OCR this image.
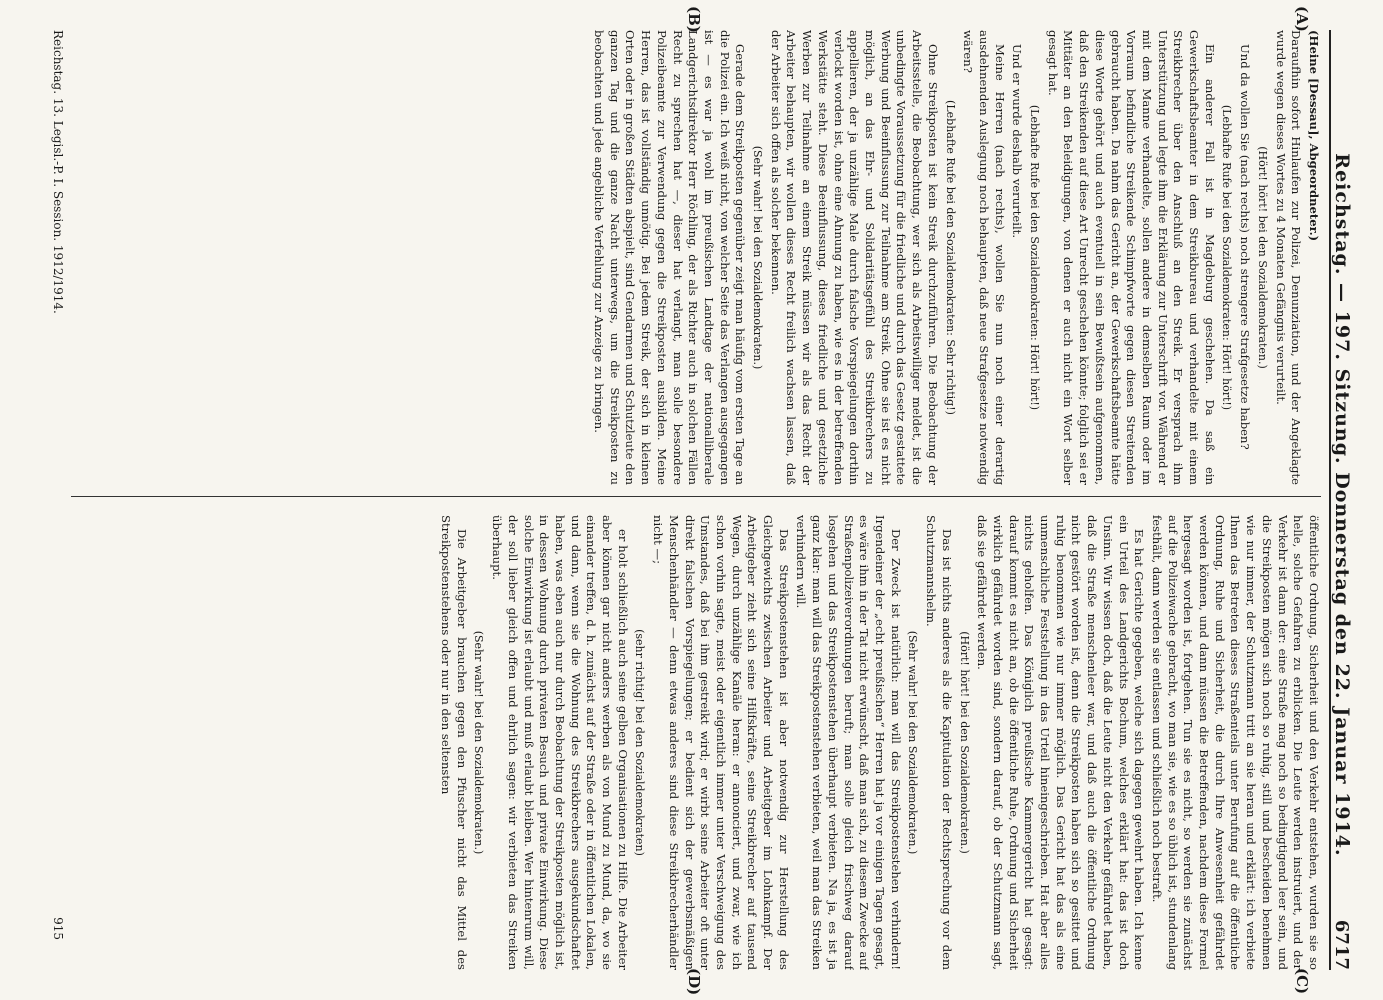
Reichstag. — 197. Sitzung. Donnerstag den 22. Januar 1914.
6717
(A)
(B)
(C)
(D)

(Heine [Dessau], Abgeordneter.)

Daraufhin sofort Hinlaufen zur Polizei, Denunziation, und der Angeklagte wurde wegen dieses Wortes zu 4 Monaten Gefängnis verurteilt.

(Hört! hört! bei den Sozialdemokraten.)

Und da wollen Sie (nach rechts) noch strengere Strafgesetze haben?

(Lebhafte Rufe bei den Sozialdemokraten: Hört! hört!)

Ein anderer Fall ist in Magdeburg geschehen. Da saß ein Gewerkschaftsbeamter in dem Streikbureau und verhandelte mit einem Streikbrecher über den Anschluß an den Streik. Er versprach ihm Unterstützung und legte ihm die Erklärung zur Unterschrift vor. Während er mit dem Manne verhandelte, sollen andere in demselben Raum oder im Vorraum befindliche Streikende Schimpfworte gegen diesen Streitenden gebraucht haben. Da nahm das Gericht an, der Gewerkschaftsbeamte hätte diese Worte gehört und auch eventuell in sein Bewußtsein aufgenommen, daß den Streikenden auf diese Art Unrecht geschehen könnte; folglich sei er Mittäter an den Beleidigungen, von denen er auch nicht ein Wort selber gesagt hat.

(Lebhafte Rufe bei den Sozialdemokraten: Hört! hört!)

Und er wurde deshalb verurteilt.

Meine Herren (nach rechts), wollen Sie nun noch einer derartig ausdehnenden Auslegung noch behaupten, daß neue Strafgesetze notwendig wären?

(Lebhafte Rufe bei den Sozialdemokraten: Sehr richtig!)

Ohne Streikposten ist kein Streik durchzuführen. Die Beobachtung der Arbeitsstelle, die Beobachtung, wer sich als Arbeitswilliger meldet, ist die unbedingte Voraussetzung für die friedliche und durch das Gesetz gestattete Werbung und Beeinflussung zur Teilnahme am Streik. Ohne sie ist es nicht möglich, an das Ehr- und Solidaritätsgefühl des Streikbrechers zu appellieren, der ja unzählige Male durch falsche Vorspiegelungen dorthin verlockt worden ist, ohne eine Ahnung zu haben, wie es in der betreffenden Werkstätte steht. Diese Beeinflussung, dieses friedliche und gesetzliche Werben zur Teilnahme an einem Streik müssen wir als das Recht der Arbeiter behaupten, wir wollen dieses Recht freilich wachsen lassen, daß der Arbeiter sich offen als solcher bekennen.

(Sehr wahr! bei den Sozialdemokraten.)

Gerade dem Streikposten gegenüber zeigt man häufig vom ersten Tage an die Polizei ein. Ich weiß nicht, von welcher Seite das Verlangen ausgegangen ist — es war ja wohl im preußischen Landtage der nationalliberale Landgerichtsdirektor Herr Röchling, der als Richter auch in solchen Fällen Recht zu sprechen hat —, dieser hat verlangt, man solle besondere Polizeibeamte zur Verwendung gegen die Streikposten ausbilden. Meine Herren, das ist vollständig unnötig. Bei jedem Streik, der sich in kleinen Orten oder in großen Städten abspielt, sind Gendarmen und Schutzleute den ganzen Tag und die ganze Nacht unterwegs, um die Streikposten zu beobachten und jede angebliche Verfehlung zur Anzeige zu bringen.

öffentliche Ordnung, Sicherheit und den Verkehr entstehen, wurden sie so helle, solche Gefahren zu erblicken. Die Leute werden instruiert, und der Verkehr ist dann der: eine Straße mag noch so bedingtigend leer sein, und die Streikposten mögen sich noch so ruhig, still und bescheiden benehmen wie nur immer, der Schutzmann tritt an sie heran und erklärt: ich verbiete Ihnen das Betreten dieses Straßenteils unter Berufung auf die öffentliche Ordnung, Ruhe und Sicherheit, die durch Ihre Anwesenheit gefährdet werden können, und dann müssen die Betreffenden, nachdem diese Formel hergesagt worden ist, fortgehen. Tun sie es nicht, so werden sie zunächst auf die Polizeiwache gebracht, wo man sie, wie es so üblich ist, stundenlang festhält, dann werden sie entlassen und schließlich noch bestraft.

Es hat Gerichte gegeben, welche sich dagegen gewehrt haben. Ich kenne ein Urteil des Landgerichts Bochum, welches erklärt hat: das ist doch Unsinn. Wir wissen doch, daß die Leute nicht den Verkehr gefährdet haben, daß die Straße menschenleer war, und daß auch die öffentliche Ordnung nicht gestört worden ist, denn die Streikposten haben sich so gesittet und ruhig benommen wie nur immer möglich. Das Gericht hat das als eine unmenschliche Feststellung in das Urteil hineingeschrieben. Hat aber alles nichts geholfen. Das Königlich preußische Kammergericht hat gesagt: darauf kommt es nicht an, ob die öffentliche Ruhe, Ordnung und Sicherheit wirklich gefährdet worden sind, sondern darauf, ob der Schutzmann sagt, daß sie gefährdet werden.

(Hört! hört! bei den Sozialdemokraten.)

Das ist nichts anderes als die Kapitulation der Rechtsprechung vor dem Schutzmannshelm.

(Sehr wahr! bei den Sozialdemokraten.)

Der Zweck ist natürlich: man will das Streikpostenstehen verhindern! Irgendeiner der „echt preußischen“ Herren hat ja vor einigen Tagen gesagt, es wäre ihm in der Tat nicht erwünscht, daß man sich, zu diesem Zwecke auf Straßenpolizeiverordnungen beruft; man solle gleich frischweg darauf losgehen und das Streikpostenstehen überhaupt verbieten. Na ja, es ist ja ganz klar: man will das Streikpostenstehen verbieten, weil man das Streiken verhindern will.

Das Streikpostenstehen ist aber notwendig zur Herstellung des Gleichgewichts zwischen Arbeiter und Arbeitgeber im Lohnkampf. Der Arbeitgeber zieht sich seine Hilfskräfte, seine Streikbrecher auf tausend Wegen, durch unzählige Kanäle heran: er annonciert, und zwar, wie ich schon vorhin sagte, meist oder eigentlich immer unter Verschweigung des Umstandes, daß bei ihm gestreikt wird; er wirbt seine Arbeiter oft unter direkt falschen Vorspiegelungen; er bedient sich der gewerbsmäßigen Menschenhändler — denn etwas anderes sind diese Streikbrecherhändler nicht —;

(sehr richtig! bei den Sozialdemokraten)

er holt schließlich auch seine gelben Organisationen zu Hilfe. Die Arbeiter aber können gar nicht anders werben als von Mund zu Mund, da, wo sie einander treffen, d. h. zunächst auf der Straße oder in öffentlichen Lokalen, und dann, wenn sie die Wohnung des Streikbrechers ausgekundschaftet haben, was eben auch nur durch Beobachtung der Streikposten möglich ist, in dessen Wohnung durch privaten Besuch und private Einwirkung. Diese solche Einwirkung ist erlaubt und muß erlaubt bleiben. Wer hintenrum will, der soll lieber gleich offen und ehrlich sagen: wir verbieten das Streiken überhaupt.

(Sehr wahr! bei den Sozialdemokraten.)

Die Arbeitgeber brauchen gegen den Pfuscher nicht das Mittel des Streikpostenstehens oder nur in den seltensten

Reichstag. 13. Legisl.-P. I. Session. 1912/1914.
915
